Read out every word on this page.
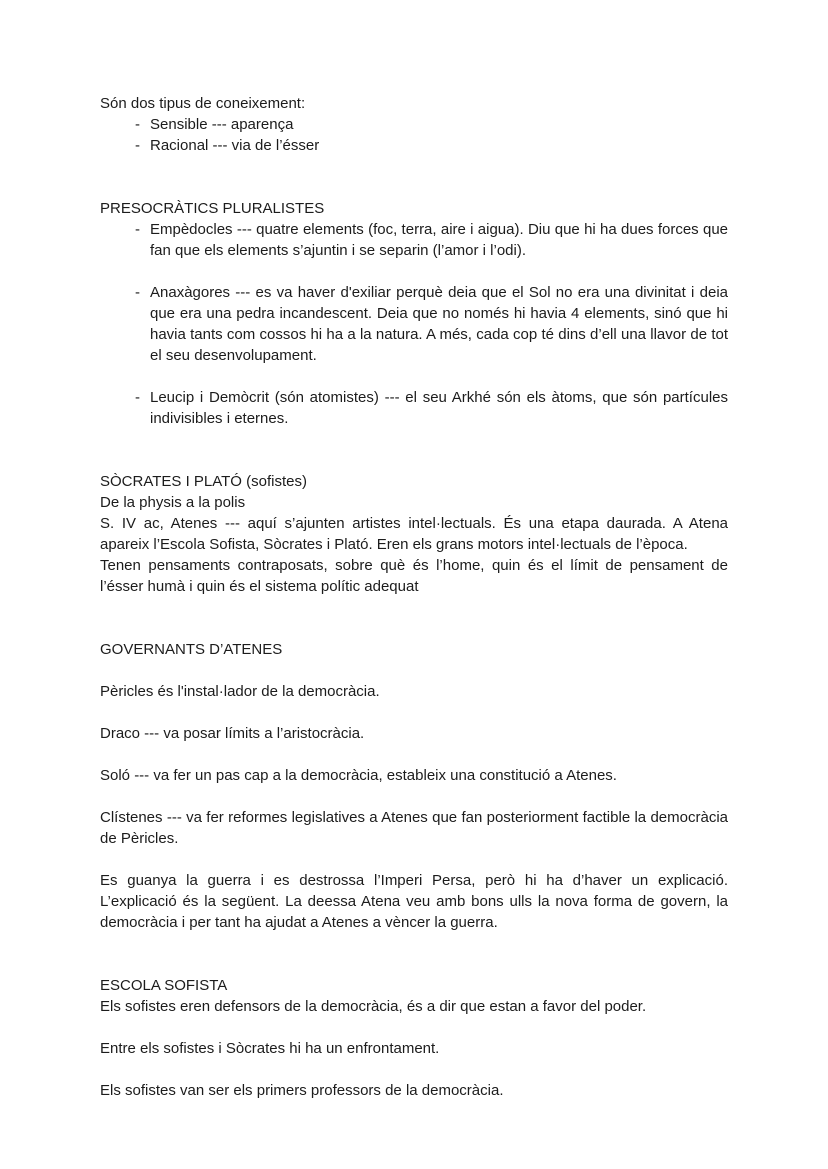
Són dos tipus de coneixement:

- Sensible --- aparença
- Racional --- via de l’ésser

PRESOCRÀTICS PLURALISTES

- Empèdocles --- quatre elements (foc, terra, aire i aigua). Diu que hi ha dues forces que fan que els elements s’ajuntin i se separin (l’amor i l’odi).
- Anaxàgores --- es va haver d'exiliar perquè deia que el Sol no era una divinitat i deia que era una pedra incandescent. Deia que no només hi havia 4 elements, sinó que hi havia tants com cossos hi ha a la natura. A més, cada cop té dins d’ell una llavor de tot el seu desenvolupament.
- Leucip i Demòcrit (són atomistes) --- el seu Arkhé són els àtoms, que són partícules indivisibles i eternes.

SÒCRATES I PLATÓ (sofistes)

De la physis a la polis

S. IV ac, Atenes --- aquí s’ajunten artistes intel·lectuals. És una etapa daurada. A Atena apareix l’Escola Sofista, Sòcrates i Plató. Eren els grans motors intel·lectuals de l’època.

Tenen pensaments contraposats, sobre què és l’home, quin és el límit de pensament de l’ésser humà i quin és el sistema polític adequat

GOVERNANTS D’ATENES

Pèricles és l'instal·lador de la democràcia.

Draco --- va posar límits a l’aristocràcia.

Soló --- va fer un pas cap a la democràcia, estableix una constitució a Atenes.

Clístenes --- va fer reformes legislatives a Atenes que fan posteriorment factible la democràcia de Pèricles.

Es guanya la guerra i es destrossa l’Imperi Persa, però hi ha d’haver un explicació. L’explicació és la següent. La deessa Atena veu amb bons ulls la nova forma de govern, la democràcia i per tant ha ajudat a Atenes a vèncer la guerra.

ESCOLA SOFISTA

Els sofistes eren defensors de la democràcia, és a dir que estan a favor del poder.

Entre els sofistes i Sòcrates hi ha un enfrontament.

Els sofistes van ser els primers professors de la democràcia.
